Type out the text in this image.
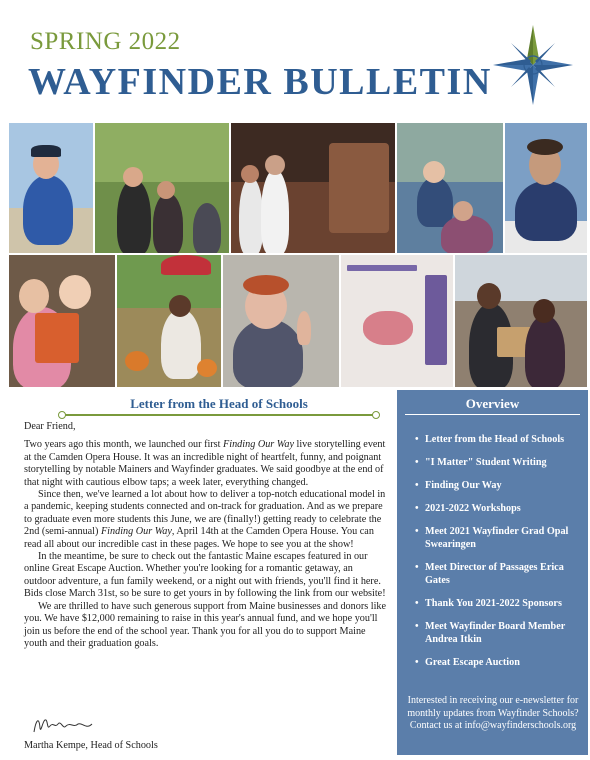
SPRING 2022
WAYFINDER BULLETIN
Letter from the Head of Schools

Dear Friend,

Two years ago this month, we launched our first Finding Our Way live storytelling event at the Camden Opera House. It was an incredible night of heartfelt, funny, and poignant storytelling by notable Mainers and Wayfinder graduates. We said goodbye at the end of that night with cautious elbow taps; a week later, everything changed.

Since then, we've learned a lot about how to deliver a top-notch educational model in a pandemic, keeping students connected and on-track for graduation. And as we prepare to graduate even more students this June, we are (finally!) getting ready to celebrate the 2nd (semi-annual) Finding Our Way, April 14th at the Camden Opera House. You can read all about our incredible cast in these pages. We hope to see you at the show!

In the meantime, be sure to check out the fantastic Maine escapes featured in our online Great Escape Auction. Whether you're looking for a romantic getaway, an outdoor adventure, a fun family weekend, or a night out with friends, you'll find it here. Bids close March 31st, so be sure to get yours in by following the link from our website!

We are thrilled to have such generous support from Maine businesses and donors like you. We have $12,000 remaining to raise in this year's annual fund, and we hope you'll join us before the end of the school year. Thank you for all you do to support Maine youth and their graduation goals.

Martha Kempe, Head of Schools
Overview
• Letter from the Head of Schools
• "I Matter" Student Writing
• Finding Our Way
• 2021-2022 Workshops
• Meet 2021 Wayfinder Grad Opal Swearingen
• Meet Director of Passages Erica Gates
• Thank You 2021-2022 Sponsors
• Meet Wayfinder Board Member Andrea Itkin
• Great Escape Auction
Interested in receiving our e-newsletter for monthly updates from Wayfinder Schools? Contact us at info@wayfinderschools.org
